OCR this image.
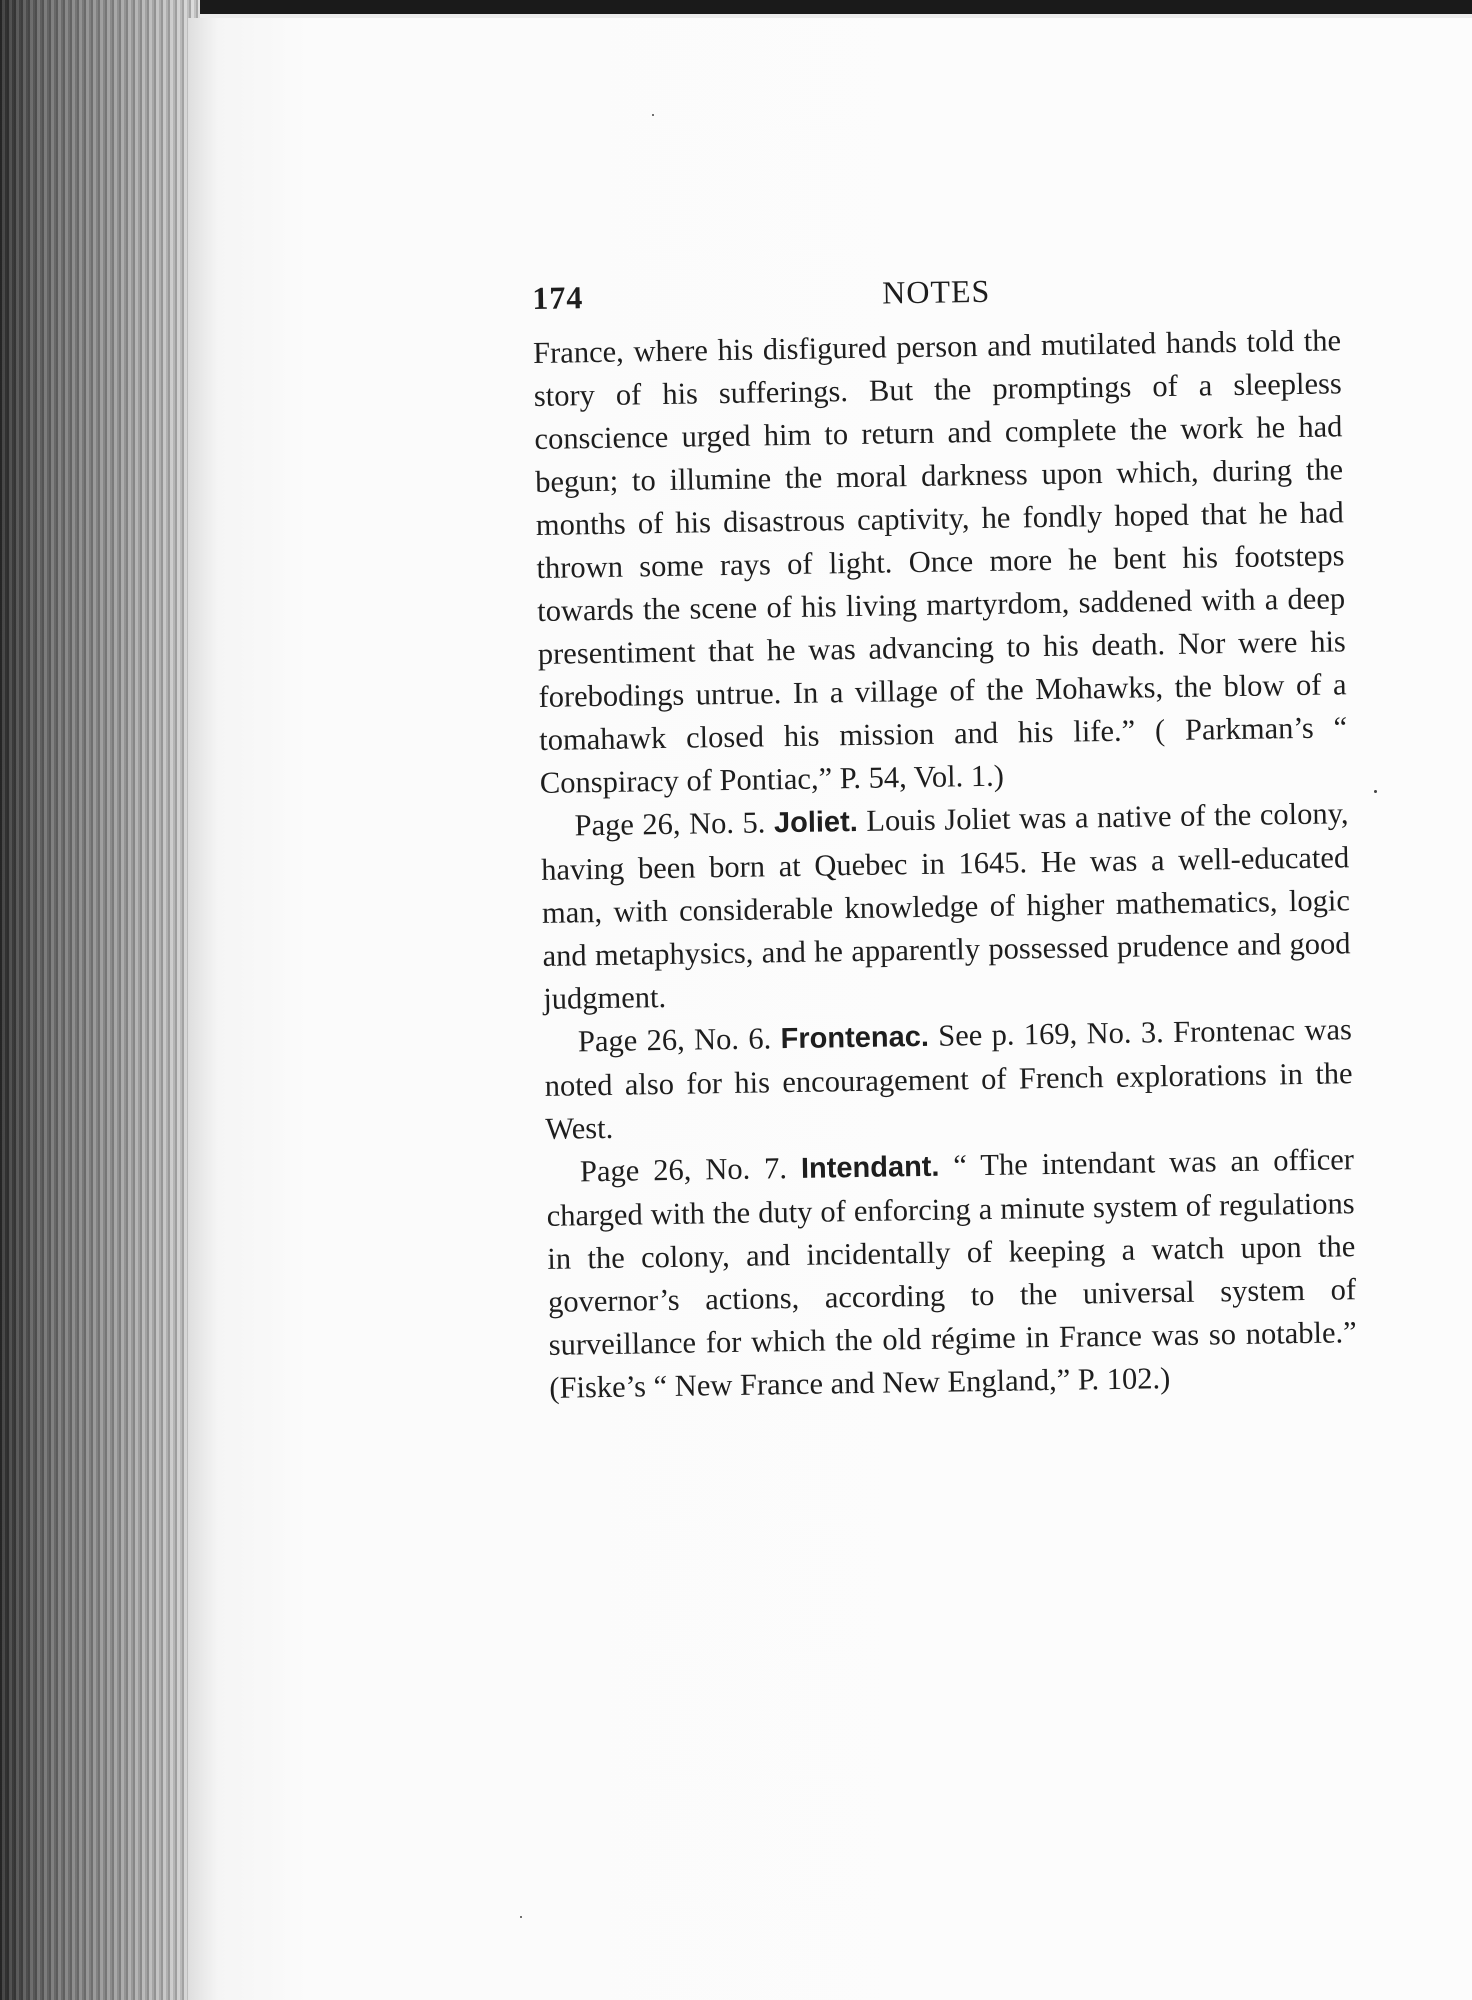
174	NOTES

France, where his disfigured person and mutilated hands told the story of his sufferings. But the promptings of a sleepless conscience urged him to return and complete the work he had begun; to illumine the moral darkness upon which, during the months of his disastrous captivity, he fondly hoped that he had thrown some rays of light. Once more he bent his footsteps towards the scene of his living martyrdom, saddened with a deep presentiment that he was advancing to his death. Nor were his forebodings untrue. In a village of the Mohawks, the blow of a tomahawk closed his mission and his life.” ( Parkman’s “ Conspiracy of Pontiac,” P. 54, Vol. 1.)

Page 26, No. 5. Joliet. Louis Joliet was a native of the colony, having been born at Quebec in 1645. He was a well-educated man, with considerable knowledge of higher mathematics, logic and metaphysics, and he apparently possessed prudence and good judgment.

Page 26, No. 6. Frontenac. See p. 169, No. 3. Frontenac was noted also for his encouragement of French explorations in the West.

Page 26, No. 7. Intendant. “ The intendant was an officer charged with the duty of enforcing a minute system of regulations in the colony, and incidentally of keeping a watch upon the governor’s actions, according to the universal system of surveillance for which the old régime in France was so notable.” (Fiske’s “ New France and New England,” P. 102.)
